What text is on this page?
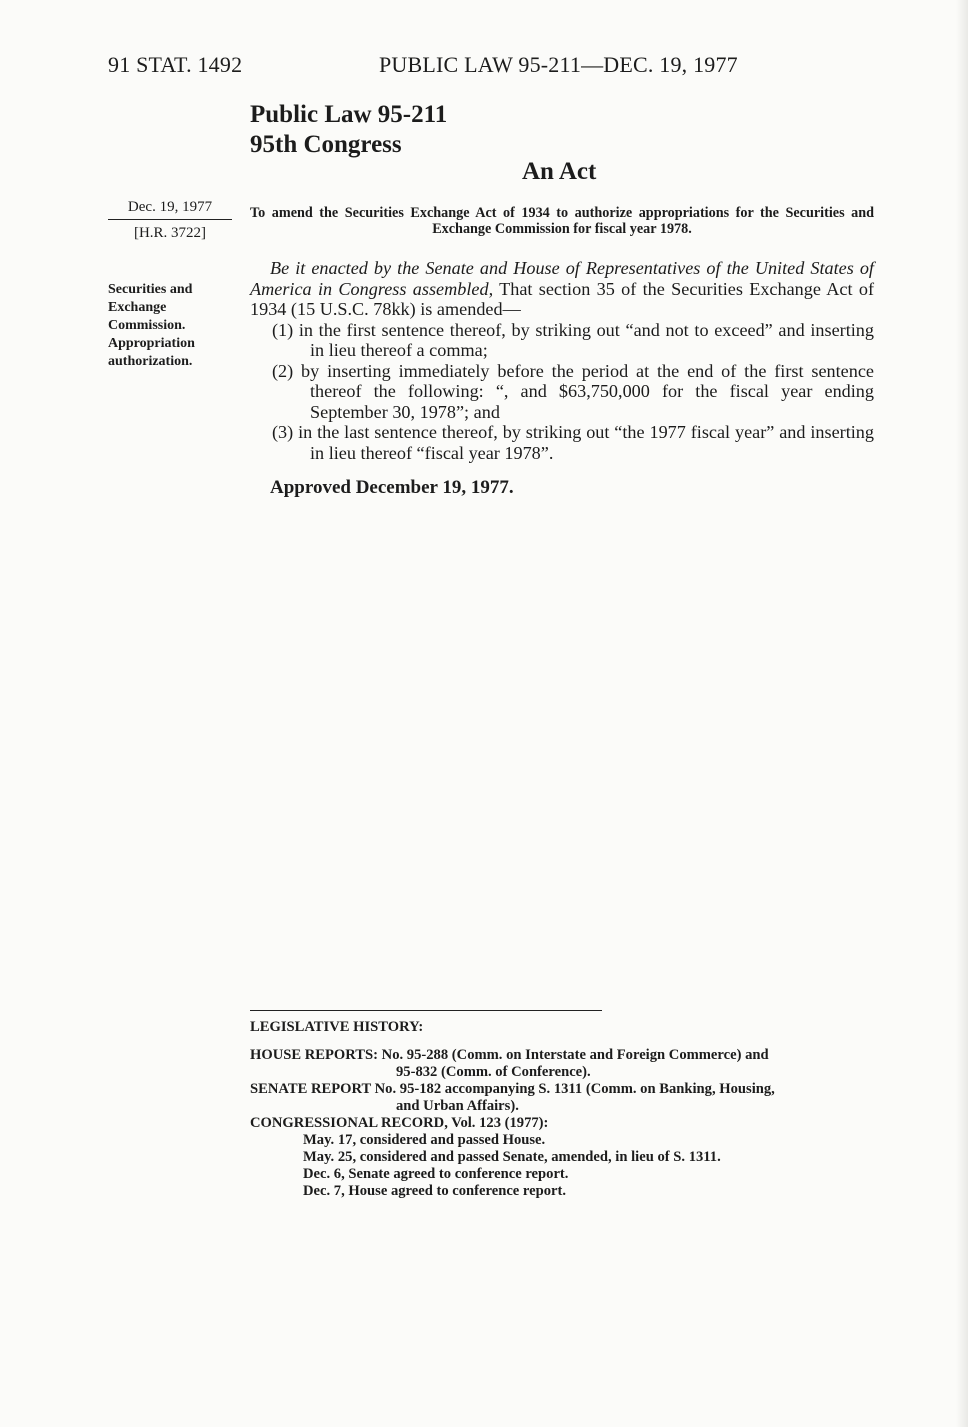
91 STAT. 1492	PUBLIC LAW 95-211—DEC. 19, 1977
Public Law 95-211
95th Congress
An Act
Dec. 19, 1977
[H.R. 3722]
Securities and
Exchange
Commission.
Appropriation
authorization.
To amend the Securities Exchange Act of 1934 to authorize appropriations for the Securities and Exchange Commission for fiscal year 1978.

Be it enacted by the Senate and House of Representatives of the United States of America in Congress assembled, That section 35 of the Securities Exchange Act of 1934 (15 U.S.C. 78kk) is amended—

(1) in the first sentence thereof, by striking out “and not to exceed” and inserting in lieu thereof a comma;

(2) by inserting immediately before the period at the end of the first sentence thereof the following: “, and $63,750,000 for the fiscal year ending September 30, 1978”; and

(3) in the last sentence thereof, by striking out “the 1977 fiscal year” and inserting in lieu thereof “fiscal year 1978”.

Approved December 19, 1977.
LEGISLATIVE HISTORY:
HOUSE REPORTS: No. 95-288 (Comm. on Interstate and Foreign Commerce) and
95-832 (Comm. of Conference).
SENATE REPORT No. 95-182 accompanying S. 1311 (Comm. on Banking, Housing,
and Urban Affairs).
CONGRESSIONAL RECORD, Vol. 123 (1977):
May. 17, considered and passed House.
May. 25, considered and passed Senate, amended, in lieu of S. 1311.
Dec. 6, Senate agreed to conference report.
Dec. 7, House agreed to conference report.
